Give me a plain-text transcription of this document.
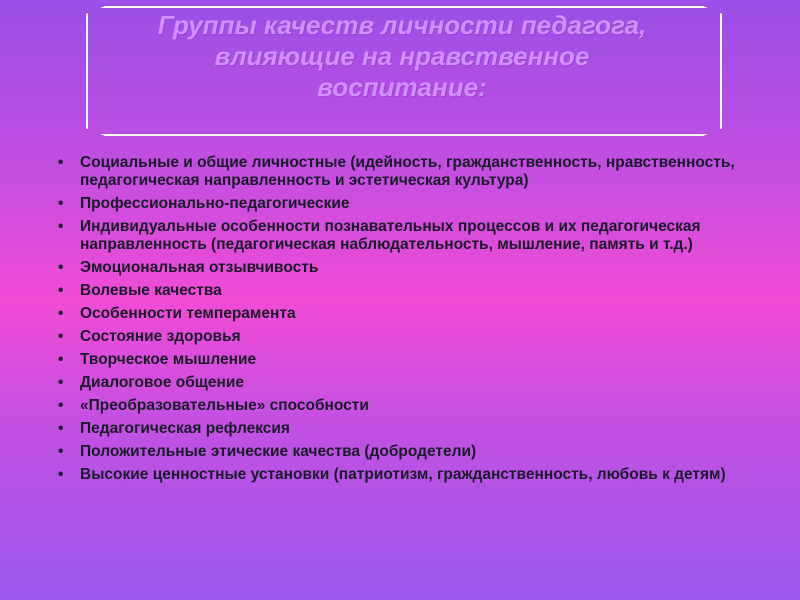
Группы качеств личности педагога,
влияющие на нравственное
воспитание:
• Социальные и общие личностные (идейность, гражданственность, нравственность, педагогическая направленность и эстетическая культура)
• Профессионально-педагогические
• Индивидуальные особенности познавательных процессов и их педагогическая направленность (педагогическая наблюдательность, мышление, память и т.д.)
• Эмоциональная отзывчивость
• Волевые качества
• Особенности темперамента
• Состояние здоровья
• Творческое мышление
• Диалоговое общение
• «Преобразовательные» способности
• Педагогическая рефлексия
• Положительные этические качества (добродетели)
• Высокие ценностные установки (патриотизм, гражданственность, любовь к детям)
